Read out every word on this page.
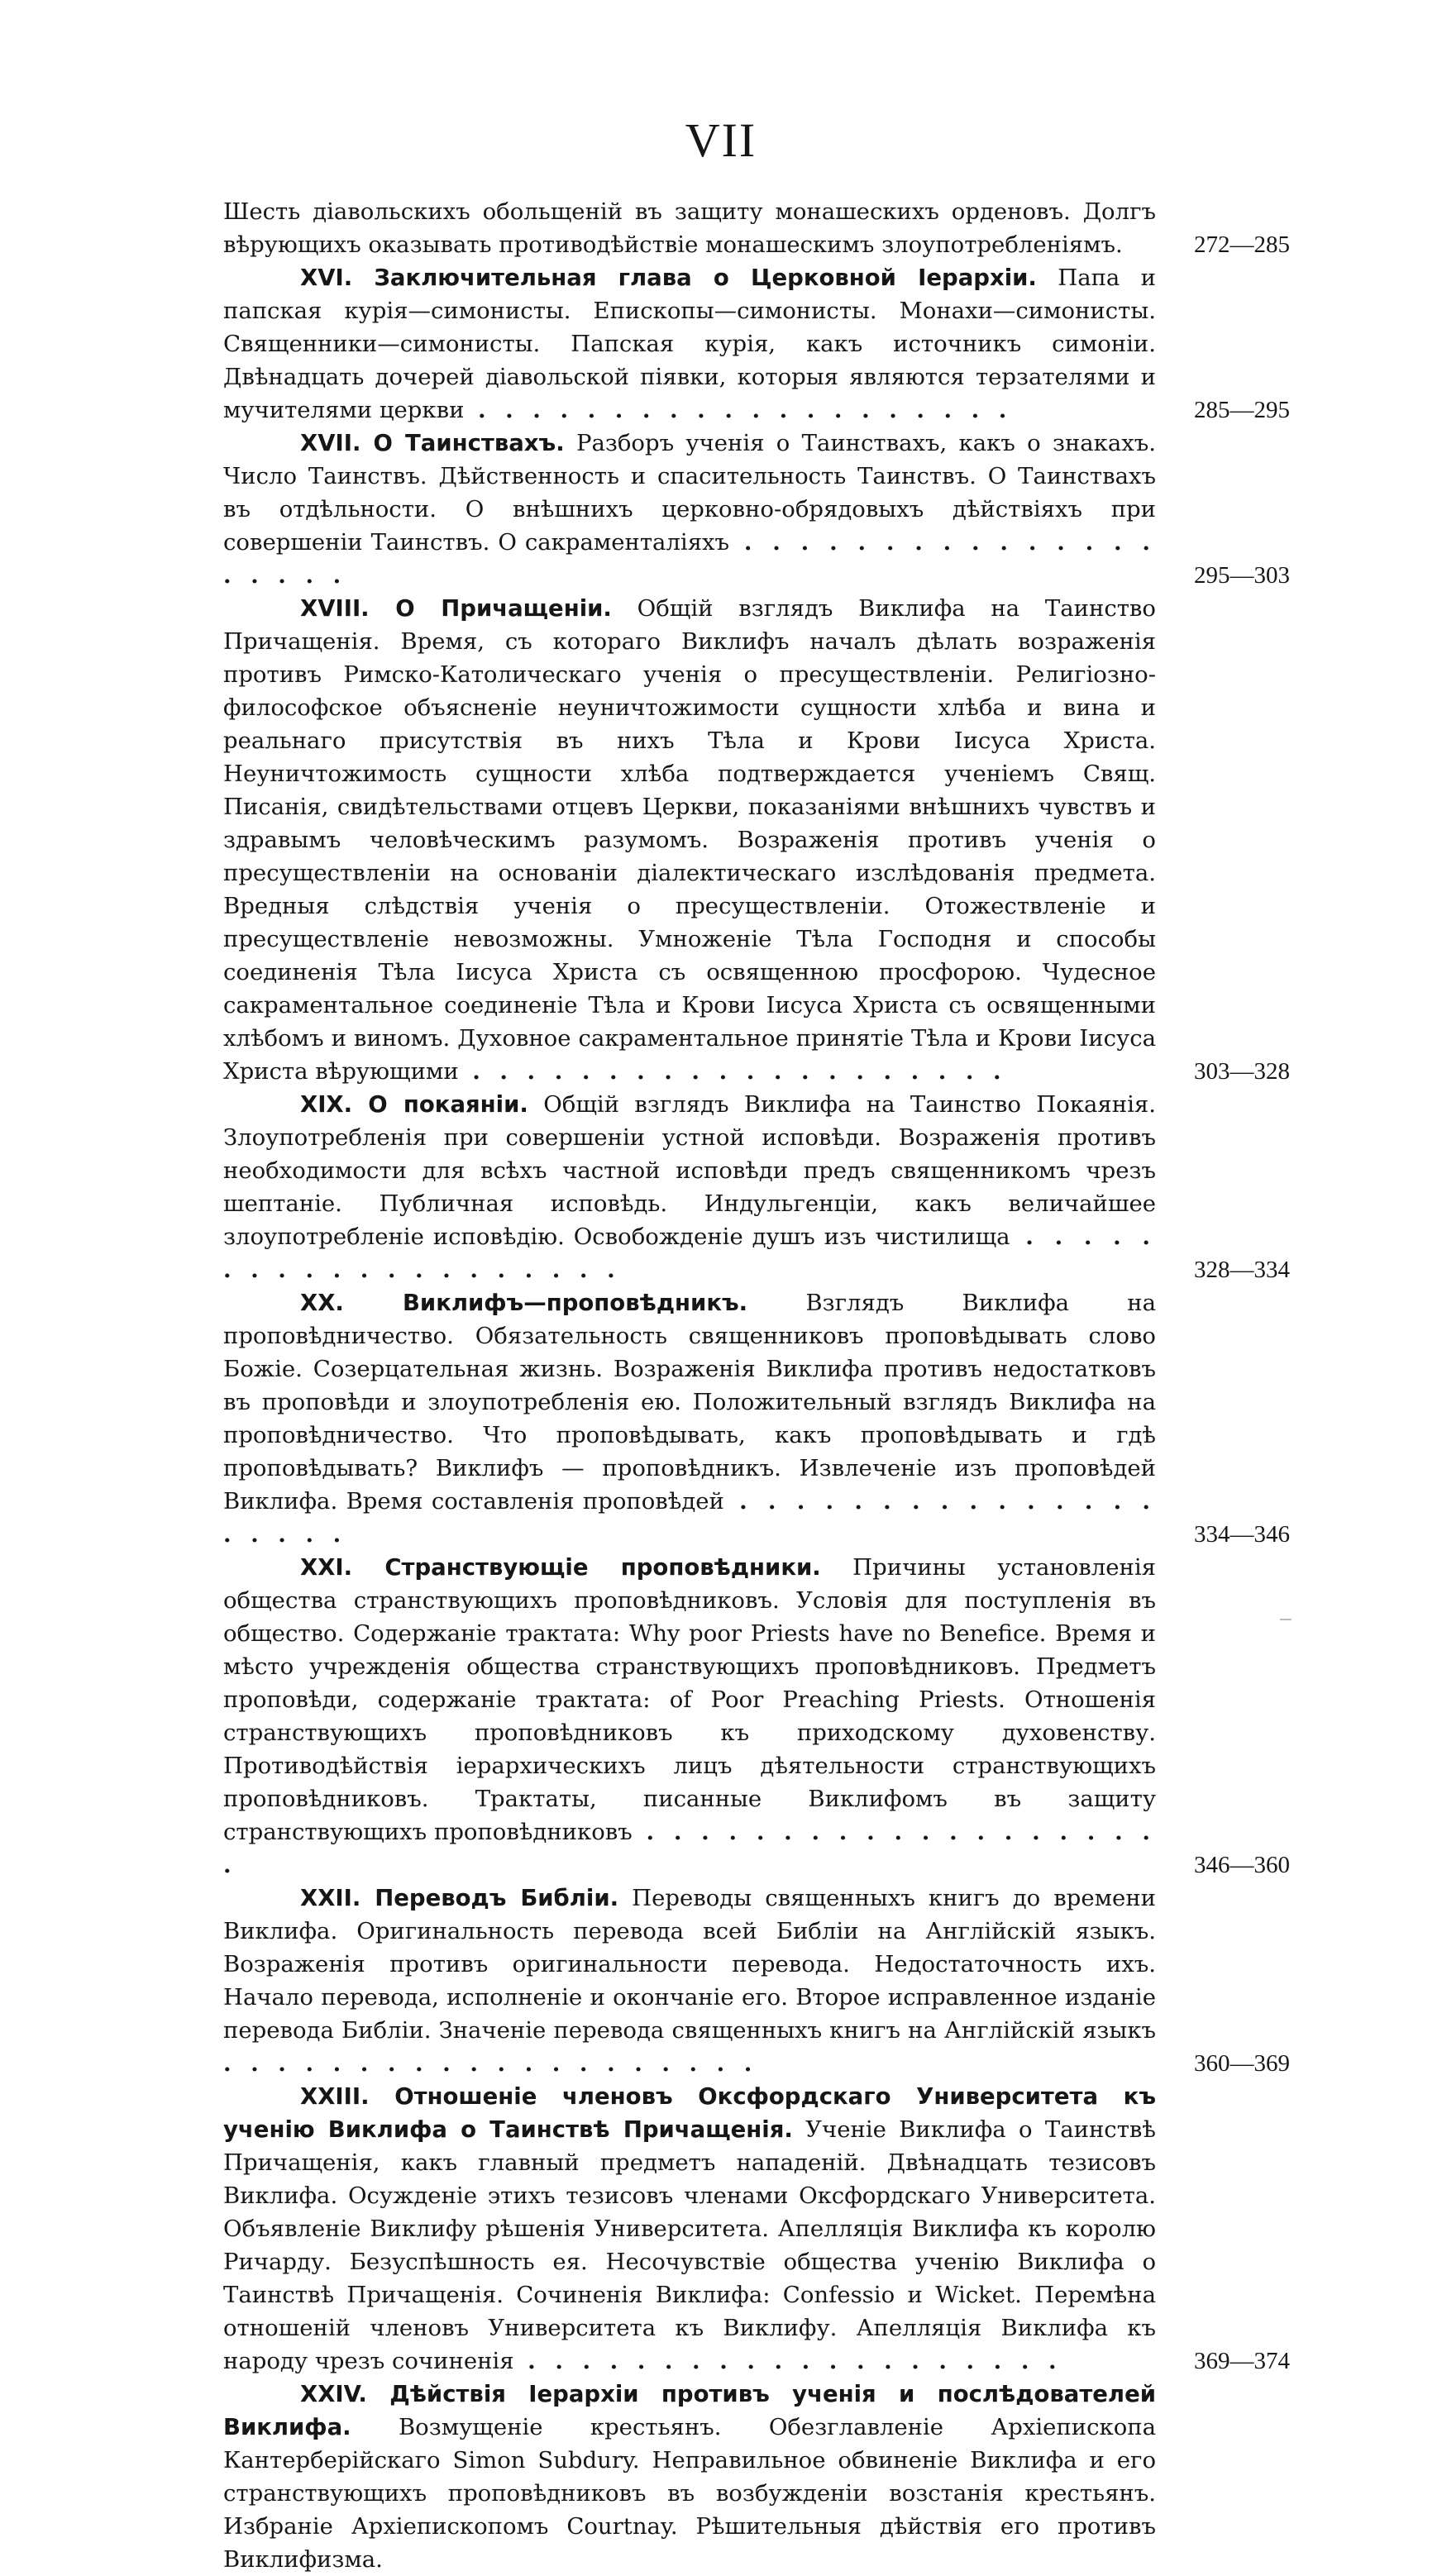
VII
Шесть діавольскихъ обольщеній въ защиту монашескихъ орденовъ. Долгъ вѣрующихъ оказывать противодѣйствіе монашескимъ злоупотребленіямъ.	272—285
XVI. Заключительная глава о Церковной Іерархіи. Папа и папская курія—симонисты. Епископы—симонисты. Монахи—симонисты. Священники—симонисты. Папская курія, какъ источникъ симоніи. Двѣнадцать дочерей діавольской піявки, которыя являются терзателями и мучителями церкви . . . . . . . . . . . . . . . . . . . .	285—295
XVII. О Таинствахъ. Разборъ ученія о Таинствахъ, какъ о знакахъ. Число Таинствъ. Дѣйственность и спасительность Таинствъ. О Таинствахъ въ отдѣльности. О внѣшнихъ церковно-обрядовыхъ дѣйствіяхъ при совершеніи Таинствъ. О сакраменталіяхъ . . . . . . . . . . . . . . . . . . . .	295—303
XVIII. О Причащеніи. Общій взглядъ Виклифа на Таинство Причащенія. Время, съ котораго Виклифъ началъ дѣлать возраженія противъ Римско-Католическаго ученія о пресуществленіи. Религіозно-философское объясненіе неуничтожимости сущности хлѣба и вина и реальнаго присутствія въ нихъ Тѣла и Крови Іисуса Христа. Неуничтожимость сущности хлѣба подтверждается ученіемъ Свящ. Писанія, свидѣтельствами отцевъ Церкви, показаніями внѣшнихъ чувствъ и здравымъ человѣческимъ разумомъ. Возраженія противъ ученія о пресуществленіи на основаніи діалектическаго изслѣдованія предмета. Вредныя слѣдствія ученія о пресуществленіи. Отожествленіе и пресуществленіе невозможны. Умноженіе Тѣла Господня и способы соединенія Тѣла Іисуса Христа съ освященною просфорою. Чудесное сакраментальное соединеніе Тѣла и Крови Іисуса Христа съ освященными хлѣбомъ и виномъ. Духовное сакраментальное принятіе Тѣла и Крови Іисуса Христа вѣрующими . . . . . . . . . . . . . . . . . . . .	303—328
XIX. О покаяніи. Общій взглядъ Виклифа на Таинство Покаянія. Злоупотребленія при совершеніи устной исповѣди. Возраженія противъ необходимости для всѣхъ частной исповѣди предъ священникомъ чрезъ шептаніе. Публичная исповѣдь. Индульгенціи, какъ величайшее злоупотребленіе исповѣдію. Освобожденіе душъ изъ чистилища . . . . . . . . . . . . . . . . . . . .	328—334
XX. Виклифъ—проповѣдникъ.	Взглядъ Виклифа на проповѣдничество. Обязательность священниковъ проповѣдывать слово Божіе. Созерцательная жизнь. Возраженія Виклифа противъ недостатковъ въ проповѣди и злоупотребленія ею. Положительный взглядъ Виклифа на проповѣдничество. Что проповѣдывать, какъ проповѣдывать и гдѣ проповѣдывать? Виклифъ — проповѣдникъ. Извлеченіе изъ проповѣдей Виклифа. Время составленія проповѣдей . . . . . . . . . . . . . . . . . . . .	334—346
XXI. Странствующіе проповѣдники. Причины установленія общества странствующихъ проповѣдниковъ. Условія для поступленія въ общество. Содержаніе трактата: Why poor Priests have no Benefice. Время и мѣсто учрежденія общества странствующихъ проповѣдниковъ. Предметъ проповѣди, содержаніе трактата: of Poor Preaching Priests. Отношенія странствующихъ проповѣдниковъ къ приходскому духовенству. Противодѣйствія іерархическихъ лицъ дѣятельности странствующихъ проповѣдниковъ. Трактаты, писанные Виклифомъ въ защиту странствующихъ проповѣдниковъ . . . . . . . . . . . . . . . . . . . .	346—360
XXII. Переводъ Библіи. Переводы священныхъ книгъ до времени Виклифа. Оригинальность перевода всей Библіи на Англійскій языкъ. Возраженія противъ оригинальности перевода. Недостаточность ихъ. Начало перевода, исполненіе и окончаніе его. Второе исправленное изданіе перевода Библіи. Значеніе перевода священныхъ книгъ на Англійскій языкъ . . . . . . . . . . . . . . . . . . . .	360—369
XXIII. Отношеніе членовъ Оксфордскаго Университета къ ученію Виклифа о Таинствѣ Причащенія. Ученіе Виклифа о Таинствѣ Причащенія, какъ главный предметъ нападеній. Двѣнадцать тезисовъ Виклифа. Осужденіе этихъ тезисовъ членами Оксфордскаго Университета. Объявленіе Виклифу рѣшенія Университета. Апелляція Виклифа къ королю Ричарду. Безуспѣшность ея. Несочувствіе общества ученію Виклифа о Таинствѣ Причащенія. Сочиненія Виклифа: Confessio и Wicket. Перемѣна отношеній членовъ Университета къ Виклифу. Апелляція Виклифа къ народу чрезъ сочиненія . . . . . . . . . . . . . . . . . . . .	369—374
XXIV. Дѣйствія Іерархіи противъ ученія и послѣдователей Виклифа. Возмущеніе крестьянъ. Обезглавленіе Архіепископа Кантерберійскаго Simon Subdury. Неправильное обвиненіе Виклифа и его странствующихъ проповѣдниковъ въ возбужденіи возстанія крестьянъ. Избраніе Архіепископомъ Courtnay. Рѣшительныя дѣйствія его противъ Виклифизма.
